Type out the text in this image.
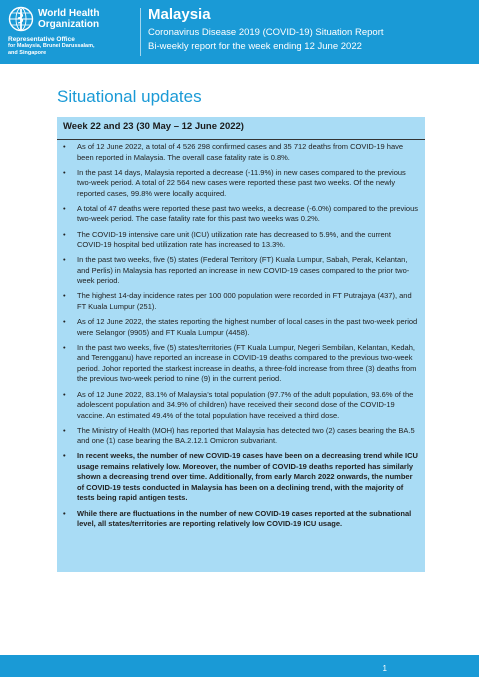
World Health
Organization
Representative Office
for Malaysia, Brunei Darussalam,
and Singapore
Malaysia
Coronavirus Disease 2019 (COVID-19) Situation Report
Bi-weekly report for the week ending 12 June 2022
Situational updates
Week 22 and 23 (30 May – 12 June 2022)
• As of 12 June 2022, a total of 4 526 298 confirmed cases and 35 712 deaths from COVID-19 have been reported in Malaysia. The overall case fatality rate is 0.8%.
• In the past 14 days, Malaysia reported a decrease (-11.9%) in new cases compared to the previous two-week period. A total of 22 564 new cases were reported these past two weeks. Of the newly reported cases, 99.8% were locally acquired.
• A total of 47 deaths were reported these past two weeks, a decrease (-6.0%) compared to the previous two-week period. The case fatality rate for this past two weeks was 0.2%.
• The COVID-19 intensive care unit (ICU) utilization rate has decreased to 5.9%, and the current COVID-19 hospital bed utilization rate has increased to 13.3%.
• In the past two weeks, five (5) states (Federal Territory (FT) Kuala Lumpur, Sabah, Perak, Kelantan, and Perlis) in Malaysia has reported an increase in new COVID-19 cases compared to the prior two-week period.
• The highest 14-day incidence rates per 100 000 population were recorded in FT Putrajaya (437), and FT Kuala Lumpur (251).
• As of 12 June 2022, the states reporting the highest number of local cases in the past two-week period were Selangor (9905) and FT Kuala Lumpur (4458).
• In the past two weeks, five (5) states/territories (FT Kuala Lumpur, Negeri Sembilan, Kelantan, Kedah, and Terengganu) have reported an increase in COVID-19 deaths compared to the previous two-week period. Johor reported the starkest increase in deaths, a three-fold increase from three (3) deaths from the previous two-week period to nine (9) in the current period.
• As of 12 June 2022, 83.1% of Malaysia’s total population (97.7% of the adult population, 93.6% of the adolescent population and 34.9% of children) have received their second dose of the COVID-19 vaccine. An estimated 49.4% of the total population have received a third dose.
• The Ministry of Health (MOH) has reported that Malaysia has detected two (2) cases bearing the BA.5 and one (1) case bearing the BA.2.12.1 Omicron subvariant.
• In recent weeks, the number of new COVID-19 cases have been on a decreasing trend while ICU usage remains relatively low. Moreover, the number of COVID-19 deaths reported has similarly shown a decreasing trend over time. Additionally, from early March 2022 onwards, the number of COVID-19 tests conducted in Malaysia has been on a declining trend, with the majority of tests being rapid antigen tests.
• While there are fluctuations in the number of new COVID-19 cases reported at the subnational level, all states/territories are reporting relatively low COVID-19 ICU usage.
1
